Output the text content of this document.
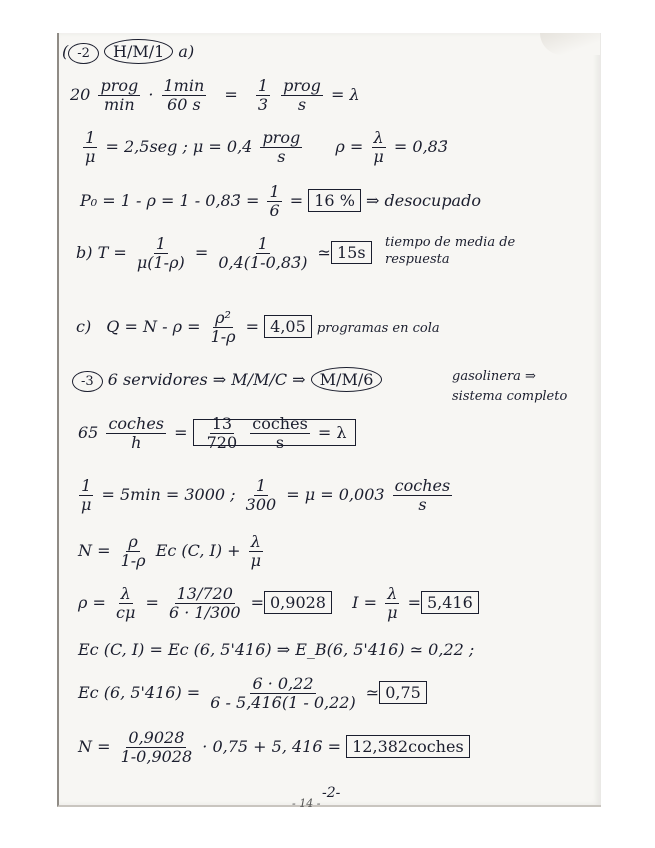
( -2 H/M/1 a)
$20 \frac{\text{prog}}{\min} \cdot \frac{1\min}{60 s} = \frac{1}{3}$
$\frac{\text{prog}}{s} = \lambda$
$\frac{1}{\mu} = 2,5seg$ ; $\mu = 0,4 \frac{\text{prog}}{s}$ $\rho = \frac{\lambda}{\mu}$ = 0,83̄
P₀ = 1 - ρ = 1 - 0,83̄ = $\frac{1}{6} = 16$ % ⇒ desocupado
b) $T = \frac{1}{\mu(1-\rho)} = \frac{1}{0,4(1-0,83̄)}$ ≃ 15s
tiempo de media de
respuesta
c) $Q = N - \rho = \frac{\text{ρ²}}{1-\rho} = 4,05$ programas en cola
-3 6 servidores ⇒ M/M/C ⇒ M/M/6	gasolinera ⇒
sistema completo
$65 \frac{\text{coches}}{h} = \frac{13}{720}$
$\frac{\text{coches}}{s} = \lambda$
$\frac{1}{\mu} = 5\min = 3000$ ; $\frac{1}{300} = \mu = 0,003 \frac{\text{coches}}{s}$
$N = \frac{\rho}{1-\rho}$ Ec (C, $I) + \frac{\lambda}{\mu}$
$\rho = \frac{\lambda}{c\mu} = \frac{13/720}{6 \cdot 1/300} = 0,9028$ $I = \frac{\lambda}{\mu}$ = 5,416̄
Ec (C, I) = Ec (6, 5'416̄) ⇒ E_B(6, 5'416̄) ≃ 0,22 ;
Ec (6, 5'416̄) = $\frac{6 \cdot 0,22}{6 - 5,416̄(1 - 0,22)}$ ≃ 0,75
$N = \frac{0,9028}{1-0,9028} \cdot 0,75 + 5$, 416̄ = 12,382coches
-2-
- 14 -
